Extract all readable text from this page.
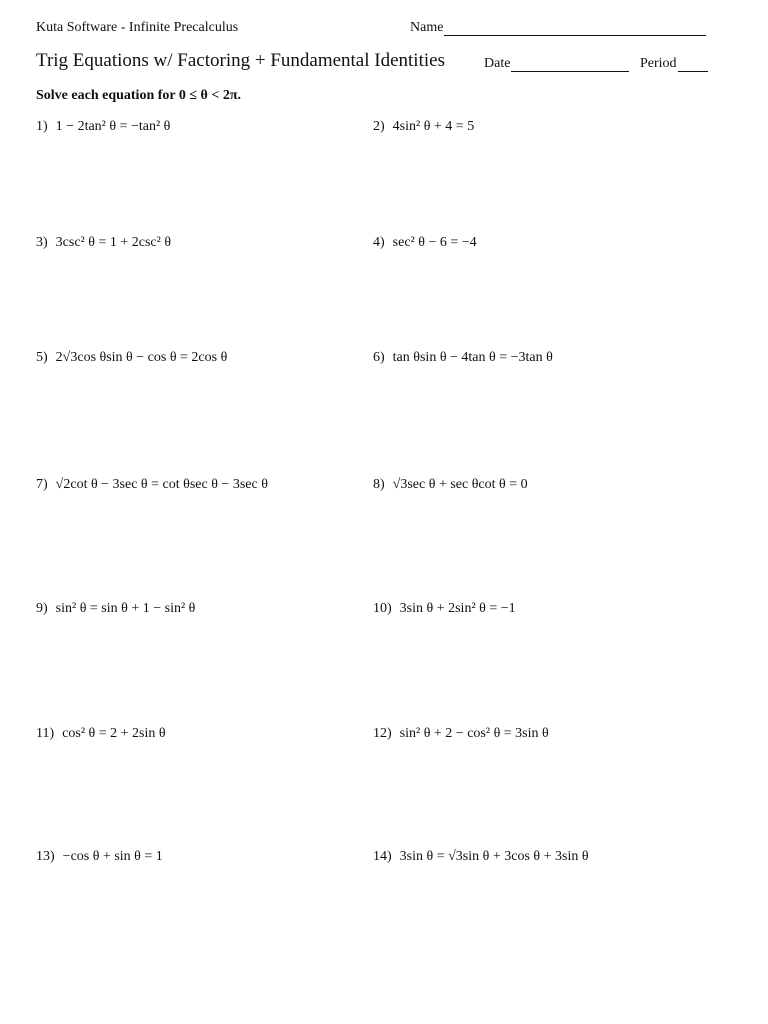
Kuta Software - Infinite Precalculus	Name
Trig Equations w/ Factoring + Fundamental Identities	Date	Period
Solve each equation for 0 ≤ θ < 2π.
1) 1 − 2tan² θ = −tan² θ	2) 4sin² θ + 4 = 5
3) 3csc² θ = 1 + 2csc² θ	4) sec² θ − 6 = −4
5) 2√3cos θsin θ − cos θ = 2cos θ	6) tan θsin θ − 4tan θ = −3tan θ
7) √2cot θ − 3sec θ = cot θsec θ − 3sec θ	8) √3sec θ + sec θcot θ = 0
9) sin² θ = sin θ + 1 − sin² θ	10) 3sin θ + 2sin² θ = −1
11) cos² θ = 2 + 2sin θ	12) sin² θ + 2 − cos² θ = 3sin θ
13) −cos θ + sin θ = 1	14) 3sin θ = √3sin θ + 3cos θ + 3sin θ
